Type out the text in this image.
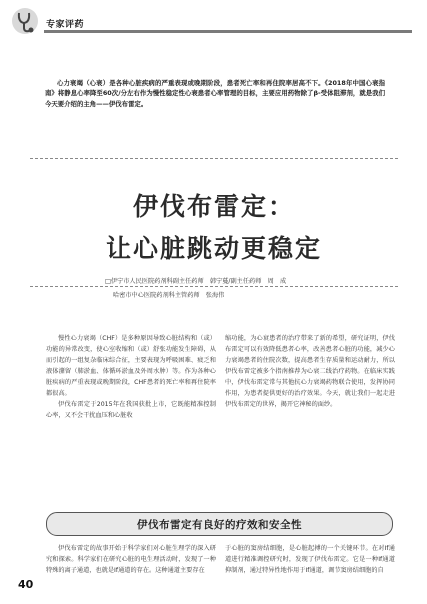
专家评药
心力衰竭（心衰）是各种心脏疾病的严重表现或晚期阶段，患者死亡率和再住院率居高不下。《2018年中国心衰指南》将静息心率降至60次/分左右作为慢性稳定性心衰患者心率管理的目标，主要应用药物除了β-受体阻滞剂，就是我们今天要介绍的主角——伊伐布雷定。
伊伐布雷定：
让心脏跳动更稳定
□伊宁市人民医院药剂科副主任药师　韩宁蔓/副主任药师　周　成
哈密市中心医院药剂科主管药师　张海伟

慢性心力衰竭（CHF）是多种原因导致心脏结构和（或）功能的异常改变，使心室收缩和（或）舒张功能发生障碍，从而引起的一组复杂临床综合征，主要表现为呼吸困难、疲乏和液体潴留（肺淤血、体循环淤血及外周水肿）等。作为各种心脏疾病的严重表现或晚期阶段，CHF患者的死亡率和再住院率都很高。

伊伐布雷定于2015年在我国获批上市，它既能精准控制心率，又不会干扰血压和心脏收

缩功能，为心衰患者的治疗带来了新的希望，研究证明，伊伐布雷定可以有效降低患者心率，改善患者心脏的功能，减少心力衰竭患者的住院次数，提高患者生存质量和运动耐力，所以伊伐布雷定被多个指南推荐为心衰二线治疗药物。在临床实践中，伊伐布雷定常与其他抗心力衰竭药物联合使用，发挥协同作用，为患者提供更好的治疗效果。今天，就让我们一起走进伊伐布雷定的世界，揭开它神秘的面纱。

伊伐布雷定有良好的疗效和安全性

伊伐布雷定的故事开始于科学家们对心脏生理学的深入研究和探索。科学家们在研究心脏的电生理活动时，发现了一种特殊的离子通道，也就是If通道的存在。这种通道主要存在

于心脏的窦房结细胞，是心脏起搏的一个关键环节。在对If通道进行精准调控研究时，发现了伊伐布雷定。它是一种If通道抑制剂，通过特异性地作用于If通道，调节窦房结细胞的自

40
